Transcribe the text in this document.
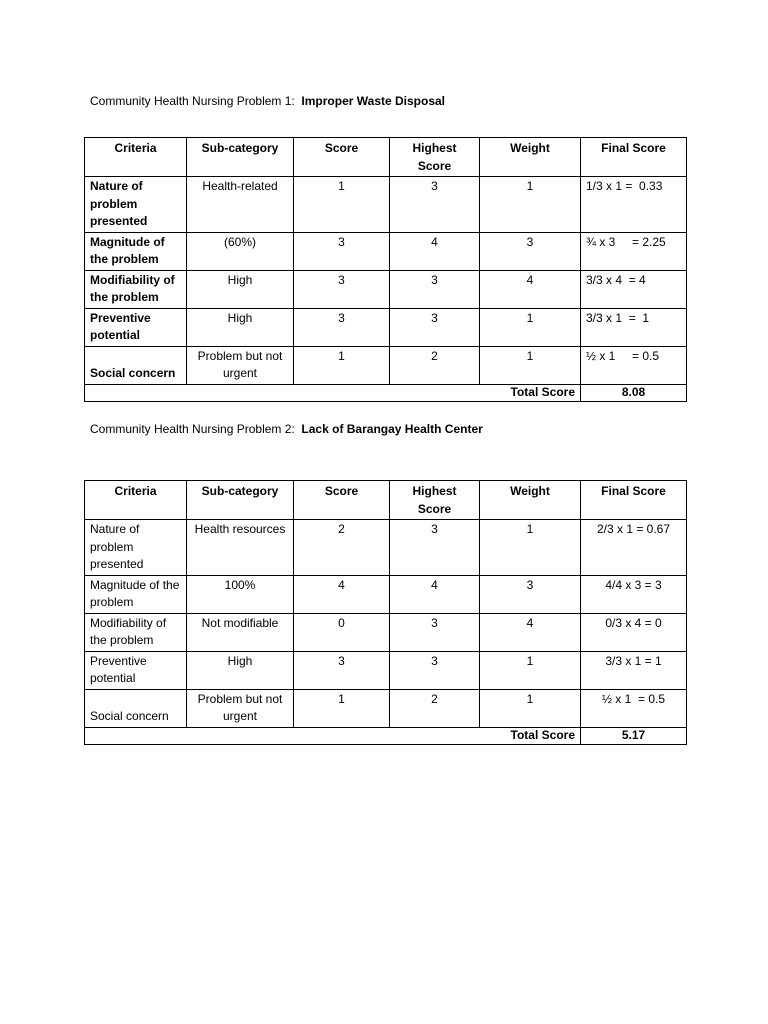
Community Health Nursing Problem 1: Improper Waste Disposal
Criteria	Sub-category	Score	Highest Score	Weight	Final Score
Nature of problem presented	Health-related	1	3	1	1/3 x 1 =  0.33
Magnitude of the problem	(60%)	3	4	3	¾ x 3     = 2.25
Modifiability of the problem	High	3	3	4	3/3 x 4  = 4
Preventive potential	High	3	3	1	3/3 x 1  =  1
Social concern	Problem but not urgent	1	2	1	½ x 1     = 0.5
				Total Score	8.08
Community Health Nursing Problem 2: Lack of Barangay Health Center
Criteria	Sub-category	Score	Highest Score	Weight	Final Score
Nature of problem presented	Health resources	2	3	1	2/3 x 1 = 0.67
Magnitude of the problem	100%	4	4	3	4/4 x 3 = 3
Modifiability of the problem	Not modifiable	0	3	4	0/3 x 4 = 0
Preventive potential	High	3	3	1	3/3 x 1 = 1
Social concern	Problem but not urgent	1	2	1	½ x 1  = 0.5
				Total Score	5.17
